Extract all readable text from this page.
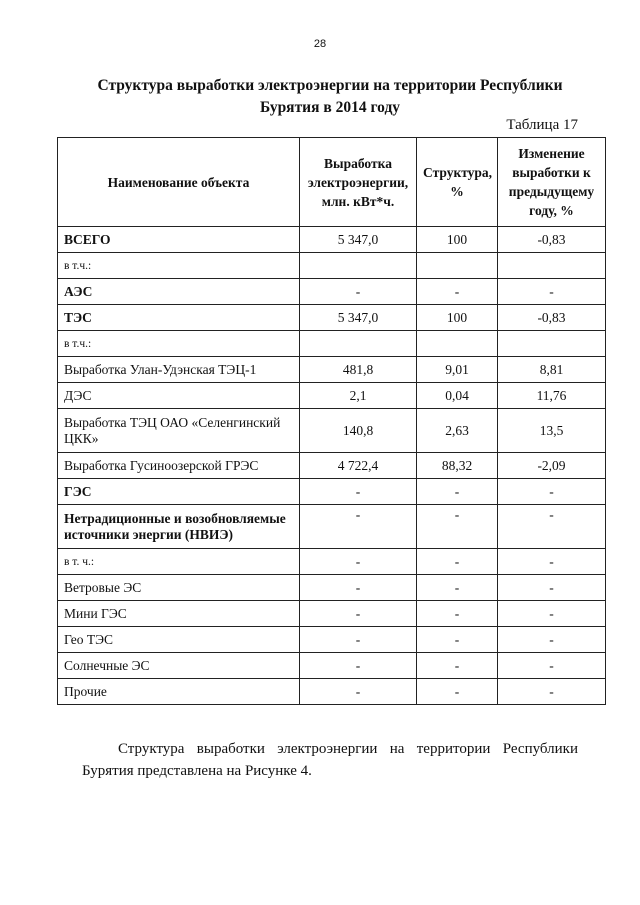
28
Структура выработки электроэнергии на территории Республики
Бурятия в 2014 году
Таблица 17
Наименование объекта	Выработка электроэнергии, млн. кВт*ч.	Структура, %	Изменение выработки к предыдущему году, %
ВСЕГО	5 347,0	100	-0,83
в т.ч.:			
АЭС	-	-	-
ТЭС	5 347,0	100	-0,83
в т.ч.:			
Выработка Улан-Удэнская ТЭЦ-1	481,8	9,01	8,81
ДЭС	2,1	0,04	11,76
Выработка ТЭЦ ОАО «Селенгинский ЦКК»	140,8	2,63	13,5
Выработка Гусиноозерской ГРЭС	4 722,4	88,32	-2,09
ГЭС	-	-	-
Нетрадиционные и возобновляемые источники энергии (НВИЭ)	-	-	-
в т. ч.:	-	-	-
Ветровые ЭС	-	-	-
Мини ГЭС	-	-	-
Гео ТЭС	-	-	-
Солнечные ЭС	-	-	-
Прочие	-	-	-
Структура выработки электроэнергии на территории Республики Бурятия представлена на Рисунке 4.
